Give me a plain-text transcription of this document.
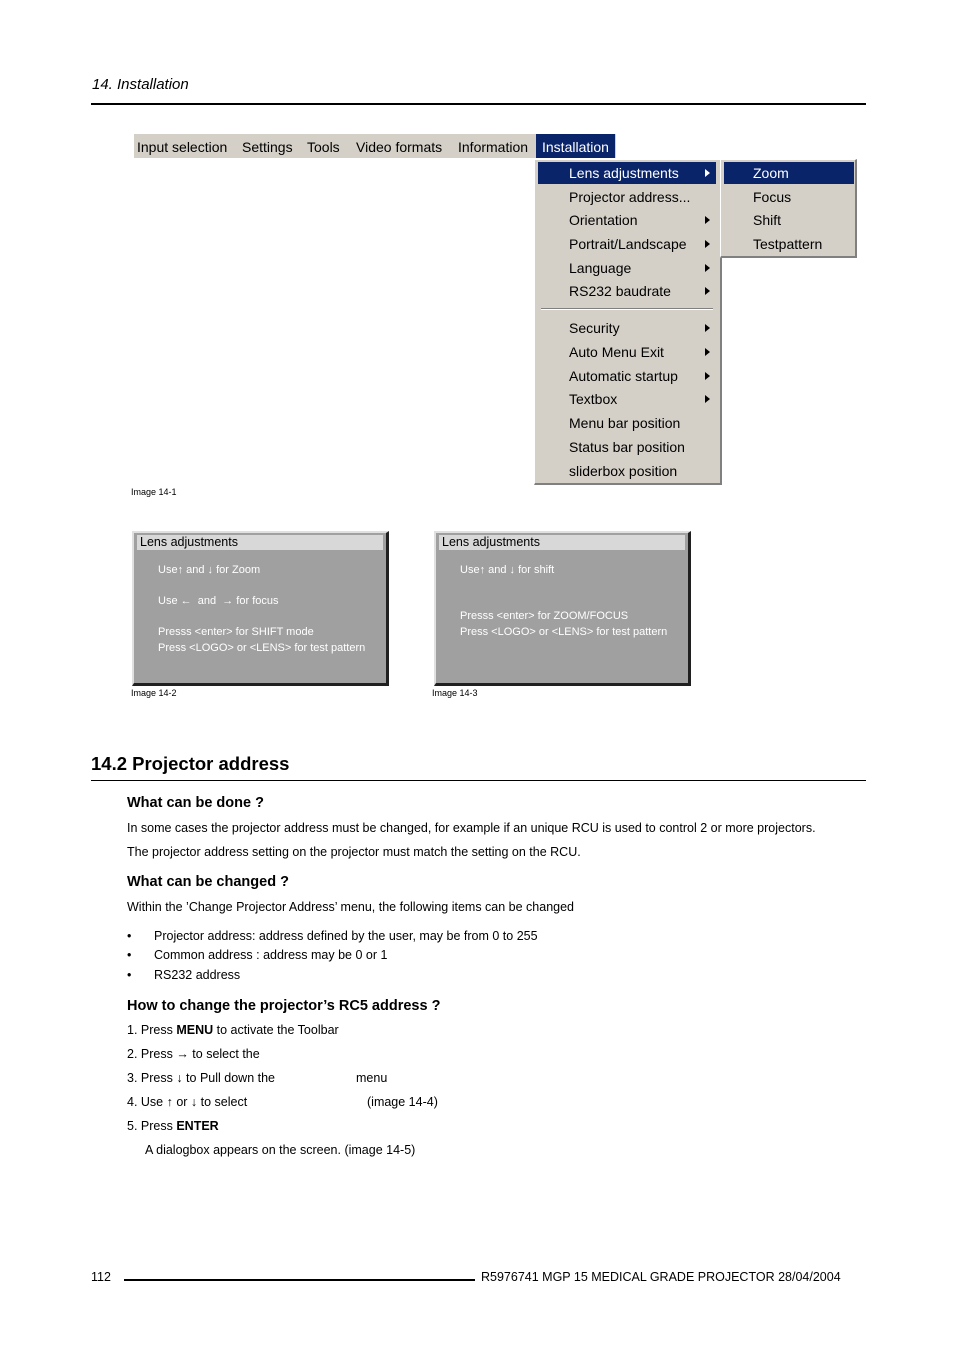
14. Installation
Input selection Settings Tools Video formats Information Installation
Lens adjustments
Projector address...
Orientation
Portrait/Landscape
Language
RS232 baudrate
Security
Auto Menu Exit
Automatic startup
Textbox
Menu bar position
Status bar position
sliderbox position
Zoom
Focus
Shift
Testpattern
Image 14-1
Lens adjustments
Use↑ and ↓ for Zoom
Use ← and → for focus
Presss <enter> for SHIFT mode
Press <LOGO> or <LENS> for test pattern
Image 14-2
Lens adjustments
Use↑ and ↓ for shift
Presss <enter> for ZOOM/FOCUS
Press <LOGO> or <LENS> for test pattern
Image 14-3
14.2 Projector address
What can be done ?
In some cases the projector address must be changed, for example if an unique RCU is used to control 2 or more projectors.
The projector address setting on the projector must match the setting on the RCU.
What can be changed ?
Within the ’Change Projector Address’ menu, the following items can be changed
• Projector address: address defined by the user, may be from 0 to 255
• Common address : address may be 0 or 1
• RS232 address
How to change the projector’s RC5 address ?
1. Press MENU to activate the Toolbar
2. Press → to select the
3. Press ↓ to Pull down the	menu
4. Use ↑ or ↓ to select	(image 14-4)
5. Press ENTER
A dialogbox appears on the screen. (image 14-5)
112	R5976741 MGP 15 MEDICAL GRADE PROJECTOR 28/04/2004
